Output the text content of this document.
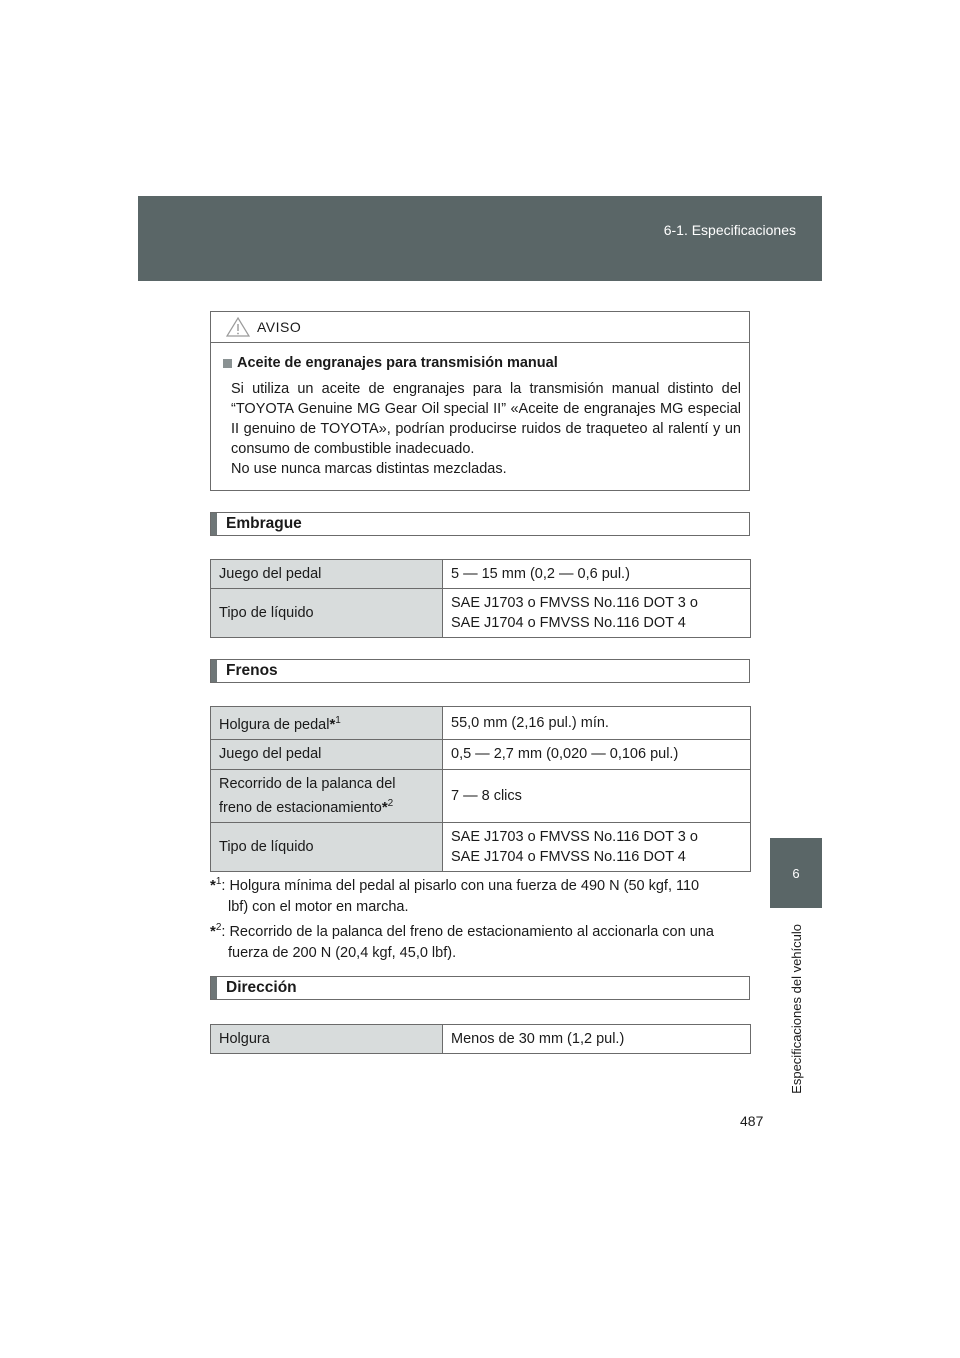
6-1. Especificaciones
6
Especificaciones del vehículo
487
AVISO
Aceite de engranajes para transmisión manual
Si utiliza un aceite de engranajes para la transmisión manual distinto del “TOYOTA Genuine MG Gear Oil special II” «Aceite de engranajes MG especial II genuino de TOYOTA», podrían producirse ruidos de traqueteo al ralentí y un consumo de combustible inadecuado.
No use nunca marcas distintas mezcladas.
Embrague
Juego del pedal	5 — 15 mm (0,2 — 0,6 pul.)
Tipo de líquido	SAE J1703 o FMVSS No.116 DOT 3 o
SAE J1704 o FMVSS No.116 DOT 4
Frenos
Holgura de pedal*$^1$	55,0 mm (2,16 pul.) mín.
Juego del pedal	0,5 — 2,7 mm (0,020 — 0,106 pul.)

Recorrido de la palanca del
freno de estacionamiento*$^2$	7 — 8 clics
Tipo de líquido	SAE J1703 o FMVSS No.116 DOT 3 o
SAE J1704 o FMVSS No.116 DOT 4
*$^1$: Holgura mínima del pedal al pisarlo con una fuerza de 490 N (50 kgf, 110
lbf) con el motor en marcha.
*$^2$: Recorrido de la palanca del freno de estacionamiento al accionarla con una
fuerza de 200 N (20,4 kgf, 45,0 lbf).
Dirección
Holgura	Menos de 30 mm (1,2 pul.)
